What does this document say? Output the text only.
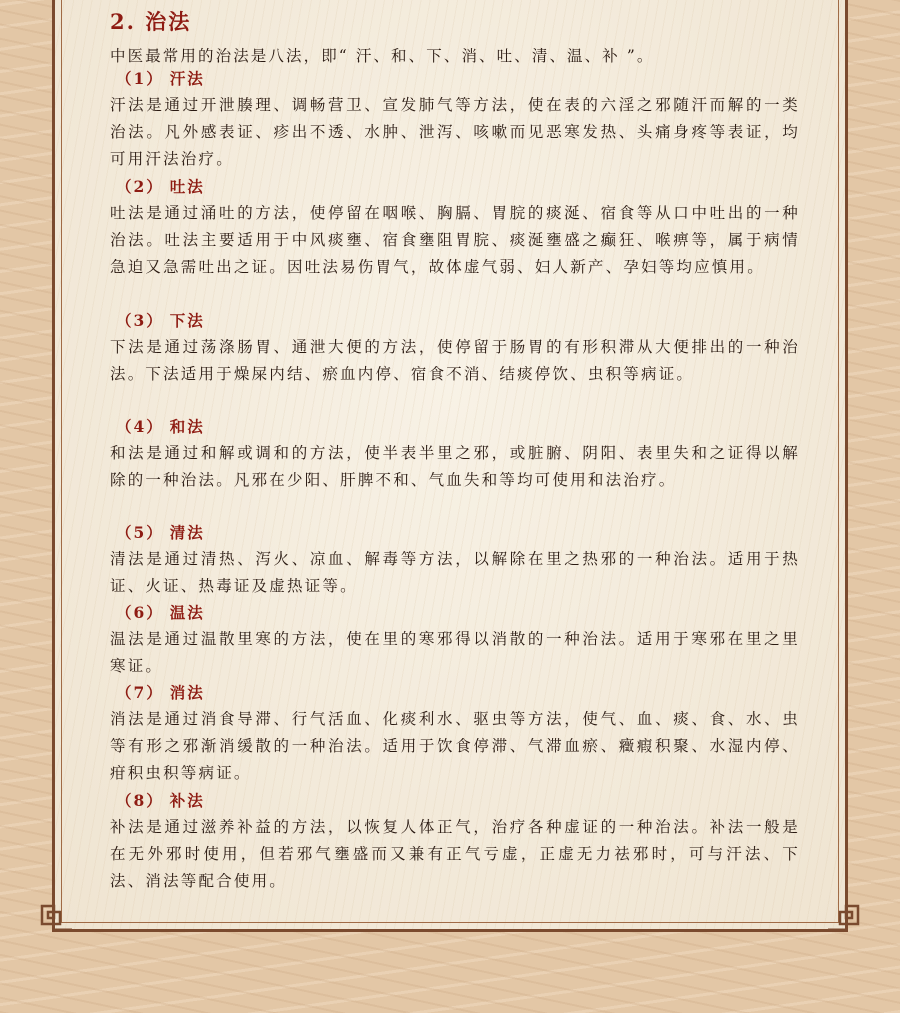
2. 治法
中医最常用的治法是八法，即“ 汗、和、下、消、吐、清、温、补 ”。
（1） 汗法
汗法是通过开泄腠理、调畅营卫、宣发肺气等方法，使在表的六淫之邪随汗而解的一类治法。凡外感表证、疹出不透、水肿、泄泻、咳嗽而见恶寒发热、头痛身疼等表证，均可用汗法治疗。
（2） 吐法
吐法是通过涌吐的方法，使停留在咽喉、胸膈、胃脘的痰涎、宿食等从口中吐出的一种治法。吐法主要适用于中风痰壅、宿食壅阻胃脘、痰涎壅盛之癫狂、喉痹等，属于病情急迫又急需吐出之证。因吐法易伤胃气，故体虚气弱、妇人新产、孕妇等均应慎用。
（3） 下法
下法是通过荡涤肠胃、通泄大便的方法，使停留于肠胃的有形积滞从大便排出的一种治法。下法适用于燥屎内结、瘀血内停、宿食不消、结痰停饮、虫积等病证。
（4） 和法
和法是通过和解或调和的方法，使半表半里之邪，或脏腑、阴阳、表里失和之证得以解除的一种治法。凡邪在少阳、肝脾不和、气血失和等均可使用和法治疗。
（5） 清法
清法是通过清热、泻火、凉血、解毒等方法，以解除在里之热邪的一种治法。适用于热证、火证、热毒证及虚热证等。
（6） 温法
温法是通过温散里寒的方法，使在里的寒邪得以消散的一种治法。适用于寒邪在里之里寒证。
（7） 消法
消法是通过消食导滞、行气活血、化痰利水、驱虫等方法，使气、血、痰、食、水、虫等有形之邪渐消缓散的一种治法。适用于饮食停滞、气滞血瘀、癥瘕积聚、水湿内停、疳积虫积等病证。
（8） 补法
补法是通过滋养补益的方法，以恢复人体正气，治疗各种虚证的一种治法。补法一般是在无外邪时使用，但若邪气壅盛而又兼有正气亏虚，正虚无力祛邪时，可与汗法、下法、消法等配合使用。
